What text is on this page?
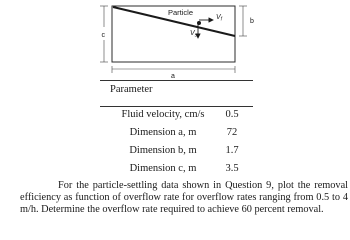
Particle
$V_f$
$V_s$
c
b
a
Parameter
Fluid velocity, cm/s	0.5
Dimension a, m	72
Dimension b, m	1.7
Dimension c, m	3.5

For the particle-settling data shown in Question 9, plot the removal efficiency as function of overflow rate for overflow rates ranging from 0.5 to 4 m/h. Determine the overflow rate required to achieve 60 percent removal.
